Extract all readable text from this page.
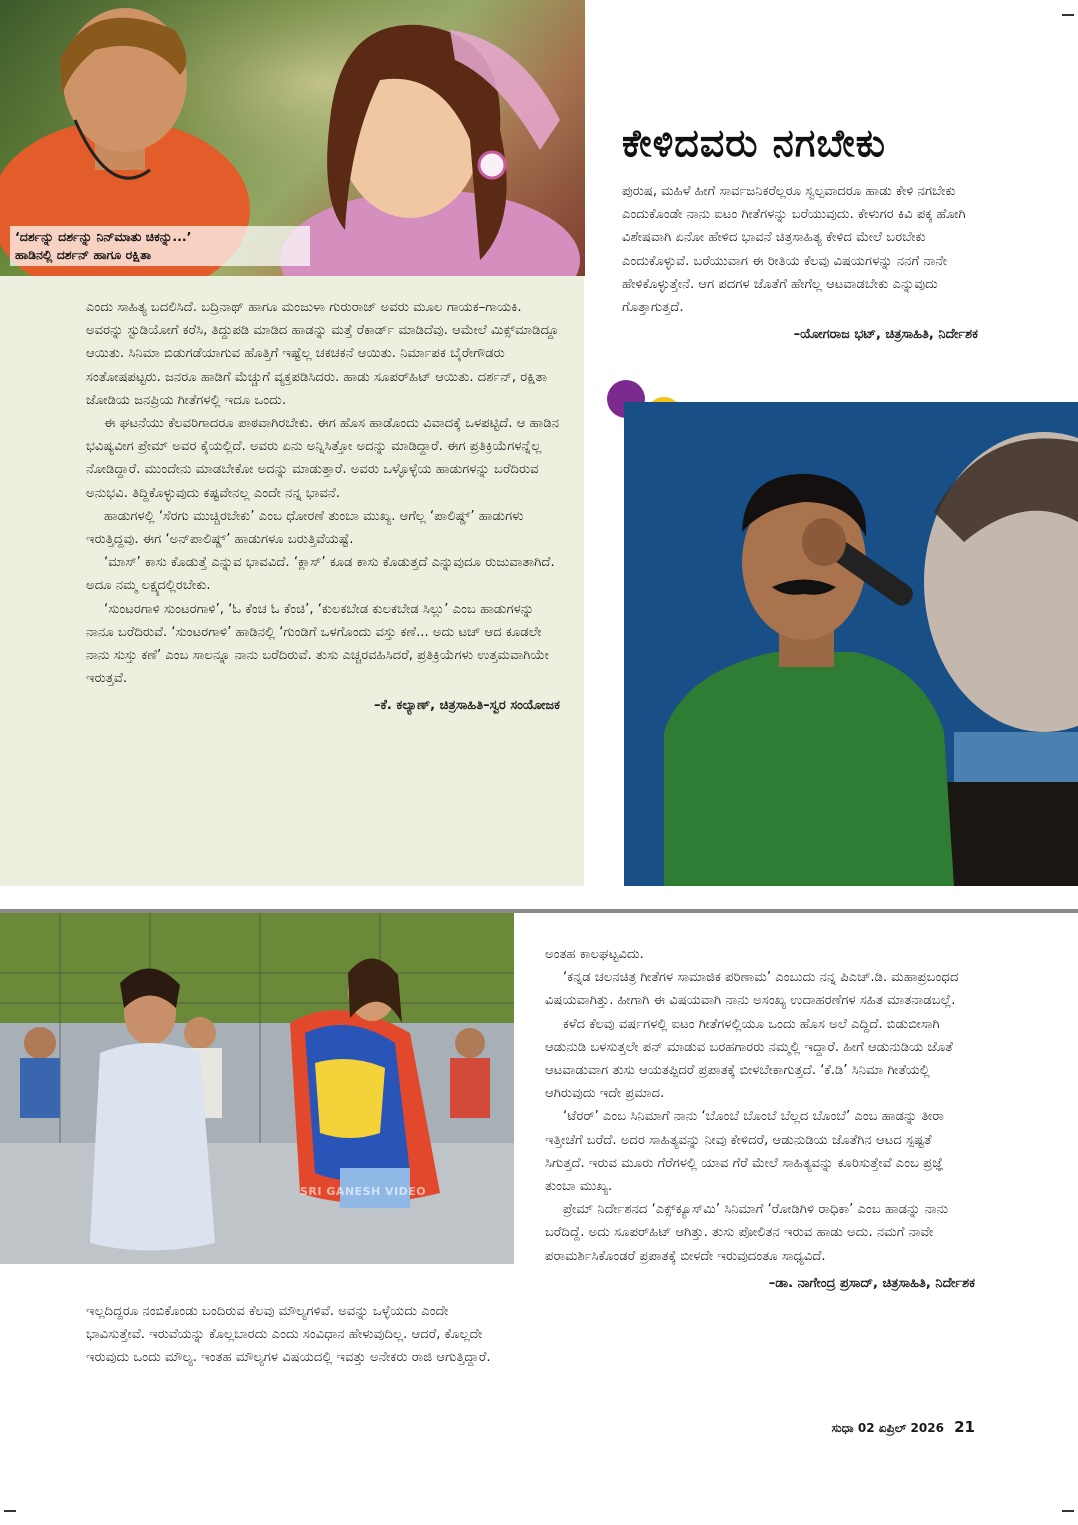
‘ದರ್ಶನ್ನು ದರ್ಶನ್ನು ನಿನ್‌ಮಾತು ಚಿಕನ್ನು...’
ಹಾಡಿನಲ್ಲಿ ದರ್ಶನ್ ಹಾಗೂ ರಕ್ಷಿತಾ

ಎಂದು ಸಾಹಿತ್ಯ ಬದಲಿಸಿದೆ. ಬದ್ರಿನಾಥ್ ಹಾಗೂ ಮಂಜುಳಾ ಗುರುರಾಜ್ ಅವರು ಮೂಲ ಗಾಯಕ–ಗಾಯಕಿ. ಅವರನ್ನು ಸ್ಟುಡಿಯೋಗೆ ಕರೆಸಿ, ತಿದ್ದುಪಡಿ ಮಾಡಿದ ಹಾಡನ್ನು ಮತ್ತೆ ರೆಕಾರ್ಡ್ ಮಾಡಿದೆವು. ಆಮೇಲೆ ಮಿಕ್ಸ್‌ಮಾಡಿದ್ದೂ ಆಯಿತು. ಸಿನಿಮಾ ಬಿಡುಗಡೆಯಾಗುವ ಹೊತ್ತಿಗೆ ಇಷ್ಟೆಲ್ಲ ಚಕಚಕನೆ ಆಯಿತು. ನಿರ್ಮಾಪಕ ಬೈರೇಗೌಡರು ಸಂತೋಷಪಟ್ಟರು. ಜನರೂ ಹಾಡಿಗೆ ಮೆಚ್ಚುಗೆ ವ್ಯಕ್ತಪಡಿಸಿದರು. ಹಾಡು ಸೂಪರ್‌ಹಿಟ್ ಆಯಿತು. ದರ್ಶನ್, ರಕ್ಷಿತಾ ಜೋಡಿಯ ಜನಪ್ರಿಯ ಗೀತೆಗಳಲ್ಲಿ ಇದೂ ಒಂದು.

ಈ ಘಟನೆಯು ಕೆಲವರಿಗಾದರೂ ಪಾಠವಾಗಿರಬೇಕು. ಈಗ ಹೊಸ ಹಾಡೊಂದು ವಿವಾದಕ್ಕೆ ಒಳಪಟ್ಟಿದೆ. ಆ ಹಾಡಿನ ಭವಿಷ್ಯವೀಗ ಪ್ರೇಮ್ ಅವರ ಕೈಯಲ್ಲಿದೆ. ಅವರು ಏನು ಅನ್ನಿಸಿತ್ತೋ ಅದನ್ನು ಮಾಡಿದ್ದಾರೆ. ಈಗ ಪ್ರತಿಕ್ರಿಯೆಗಳನ್ನೆಲ್ಲ ನೋಡಿದ್ದಾರೆ. ಮುಂದೇನು ಮಾಡಬೇಕೋ ಅದನ್ನು ಮಾಡುತ್ತಾರೆ. ಅವರು ಒಳ್ಳೊಳ್ಳೆಯ ಹಾಡುಗಳನ್ನು ಬರೆದಿರುವ ಅನುಭವಿ. ತಿದ್ದಿಕೊಳ್ಳುವುದು ಕಷ್ಟವೇನಲ್ಲ ಎಂದೇ ನನ್ನ ಭಾವನೆ.

ಹಾಡುಗಳಲ್ಲಿ ‘ಸೆರಗು ಮುಚ್ಚಿರಬೇಕು’ ಎಂಬ ಧೋರಣೆ ತುಂಬಾ ಮುಖ್ಯ. ಆಗೆಲ್ಲ ‘ಪಾಲಿಷ್ಡ್’ ಹಾಡುಗಳು ಇರುತ್ತಿದ್ದವು. ಈಗ ‘ಅನ್‌ಪಾಲಿಷ್ಡ್’ ಹಾಡುಗಳೂ ಬರುತ್ತಿವೆಯಷ್ಟೆ.

‘ಮಾಸ್’ ಕಾಸು ಕೊಡುತ್ತೆ ಎನ್ನುವ ಭಾವವಿದೆ. ‘ಕ್ಲಾಸ್’ ಕೂಡ ಕಾಸು ಕೊಡುತ್ತದೆ ಎನ್ನುವುದೂ ರುಜುವಾತಾಗಿದೆ. ಅದೂ ನಮ್ಮ ಲಕ್ಷ್ಯದಲ್ಲಿರಬೇಕು.

‘ಸುಂಟರಗಾಳಿ ಸುಂಟರಗಾಳಿ’, ‘ಓ ಕೆಂಚ ಓ ಕೆಂಚಿ’, ‘ಕುಲಕಬೇಡ ಕುಲಕಬೇಡ ಸಿಲ್ಲು’ ಎಂಬ ಹಾಡುಗಳನ್ನು ನಾನೂ ಬರೆದಿರುವೆ. ‘ಸುಂಟರಗಾಳಿ’ ಹಾಡಿನಲ್ಲಿ ‘ಗುಂಡಿಗೆ ಒಳಗೊಂದು ವಸ್ತು ಕಣೆ... ಅದು ಟಚ್ ಆದ ಕೂಡಲೇ ನಾನು ಸುಸ್ತು ಕಣೆ’ ಎಂಬ ಸಾಲನ್ನೂ ನಾನು ಬರೆದಿರುವೆ. ತುಸು ಎಚ್ಚರವಹಿಸಿದರೆ, ಪ್ರತಿಕ್ರಿಯೆಗಳು ಉತ್ತಮವಾಗಿಯೇ ಇರುತ್ತವೆ.

–ಕೆ. ಕಲ್ಯಾಣ್, ಚಿತ್ರಸಾಹಿತಿ–ಸ್ವರ ಸಂಯೋಜಕ
ಕೇಳಿದವರು ನಗಬೇಕು

ಪುರುಷ, ಮಹಿಳೆ ಹೀಗೆ ಸಾರ್ವಜನಿಕರೆಲ್ಲರೂ ಸ್ವಲ್ಪವಾದರೂ ಹಾಡು ಕೇಳಿ ನಗಬೇಕು ಎಂದುಕೊಂಡೇ ನಾನು ಐಟಂ ಗೀತೆಗಳನ್ನು ಬರೆಯುವುದು. ಕೇಳುಗರ ಕಿವಿ ಪಕ್ಕ ಹೋಗಿ ವಿಶೇಷವಾಗಿ ಏನೋ ಹೇಳಿದ ಭಾವನೆ ಚಿತ್ರಸಾಹಿತ್ಯ ಕೇಳಿದ ಮೇಲೆ ಬರಬೇಕು ಎಂದುಕೊಳ್ಳುವೆ. ಬರೆಯುವಾಗ ಈ ರೀತಿಯ ಕೆಲವು ವಿಷಯಗಳನ್ನು ನನಗೆ ನಾನೇ ಹೇಳಿಕೊಳ್ಳುತ್ತೇನೆ. ಆಗ ಪದಗಳ ಜೊತೆಗೆ ಹೇಗೆಲ್ಲ ಆಟವಾಡಬೇಕು ಎನ್ನುವುದು ಗೊತ್ತಾಗುತ್ತದೆ.

–ಯೋಗರಾಜ ಭಟ್, ಚಿತ್ರಸಾಹಿತಿ, ನಿರ್ದೇಶಕ
SRI GANESH VIDEO

ಅಂತಹ ಕಾಲಘಟ್ಟವಿದು.

‘ಕನ್ನಡ ಚಲನಚಿತ್ರ ಗೀತೆಗಳ ಸಾಮಾಜಿಕ ಪರಿಣಾಮ’ ಎಂಬುದು ನನ್ನ ಪಿಎಚ್.ಡಿ. ಮಹಾಪ್ರಬಂಧದ ವಿಷಯವಾಗಿತ್ತು. ಹೀಗಾಗಿ ಈ ವಿಷಯವಾಗಿ ನಾನು ಅಸಂಖ್ಯ ಉದಾಹರಣೆಗಳ ಸಹಿತ ಮಾತನಾಡಬಲ್ಲೆ.

ಕಳೆದ ಕೆಲವು ವರ್ಷಗಳಲ್ಲಿ ಐಟಂ ಗೀತೆಗಳಲ್ಲಿಯೂ ಒಂದು ಹೊಸ ಅಲೆ ಎದ್ದಿದೆ. ಬಿಡುಬೀಸಾಗಿ ಆಡುನುಡಿ ಬಳಸುತ್ತಲೇ ಪನ್ ಮಾಡುವ ಬರಹಗಾರರು ನಮ್ಮಲ್ಲಿ ಇದ್ದಾರೆ. ಹೀಗೆ ಆಡುನುಡಿಯ ಜೊತೆ ಆಟವಾಡುವಾಗ ತುಸು ಆಯತಪ್ಪಿದರೆ ಪ್ರಪಾತಕ್ಕೆ ಬೀಳಬೇಕಾಗುತ್ತದೆ. ‘ಕೆ.ಡಿ’ ಸಿನಿಮಾ ಗೀತೆಯಲ್ಲಿ ಆಗಿರುವುದು ಇದೇ ಪ್ರಮಾದ.

‘ಟೆರರ್’ ಎಂಬ ಸಿನಿಮಾಗೆ ನಾನು ‘ಬೊಂಬೆ ಬೊಂಬೆ ಬೆಲ್ಲದ ಬೊಂಬೆ’ ಎಂಬ ಹಾಡನ್ನು ತೀರಾ ಇತ್ತೀಚೆಗೆ ಬರೆದೆ. ಅದರ ಸಾಹಿತ್ಯವನ್ನು ನೀವು ಕೇಳಿದರೆ, ಆಡುನುಡಿಯ ಜೊತೆಗಿನ ಆಟದ ಸ್ಪಷ್ಟತೆ ಸಿಗುತ್ತದೆ. ಇರುವ ಮೂರು ಗೆರೆಗಳಲ್ಲಿ ಯಾವ ಗೆರೆ ಮೇಲೆ ಸಾಹಿತ್ಯವನ್ನು ಕೂರಿಸುತ್ತೇವೆ ಎಂಬ ಪ್ರಜ್ಞೆ ತುಂಬಾ ಮುಖ್ಯ.

ಪ್ರೇಮ್ ನಿರ್ದೇಶನದ ‘ಎಕ್ಸ್‌ಕ್ಯೂಸ್‌ಮಿ’ ಸಿನಿಮಾಗೆ ‘ರೋಡಿಗಿಳಿ ರಾಧಿಕಾ’ ಎಂಬ ಹಾಡನ್ನು ನಾನು ಬರೆದಿದ್ದೆ. ಅದು ಸೂಪರ್‌ಹಿಟ್ ಆಗಿತ್ತು. ತುಸು ಪೋಲಿತನ ಇರುವ ಹಾಡು ಅದು. ನಮಗೆ ನಾವೇ ಪರಾಮರ್ಶಿಸಿಕೊಂಡರೆ ಪ್ರಪಾತಕ್ಕೆ ಬೀಳದೇ ಇರುವುದಂತೂ ಸಾಧ್ಯವಿದೆ.

–ಡಾ. ನಾಗೇಂದ್ರ ಪ್ರಸಾದ್, ಚಿತ್ರಸಾಹಿತಿ, ನಿರ್ದೇಶಕ

ಇಲ್ಲದಿದ್ದರೂ ನಂಬಿಕೊಂಡು ಬಂದಿರುವ ಕೆಲವು ಮೌಲ್ಯಗಳಿವೆ. ಅವನ್ನು ಒಳ್ಳೆಯದು ಎಂದೇ ಭಾವಿಸುತ್ತೇವೆ. ಇರುವೆಯನ್ನು ಕೊಲ್ಲಬಾರದು ಎಂದು ಸಂವಿಧಾನ ಹೇಳುವುದಿಲ್ಲ. ಆದರೆ, ಕೊಲ್ಲದೇ ಇರುವುದು ಒಂದು ಮೌಲ್ಯ. ಇಂತಹ ಮೌಲ್ಯಗಳ ವಿಷಯದಲ್ಲಿ ಇವತ್ತು ಅನೇಕರು ರಾಜಿ ಆಗುತ್ತಿದ್ದಾರೆ.

ಸುಧಾ 02 ಏಪ್ರಿಲ್ 2026 21
